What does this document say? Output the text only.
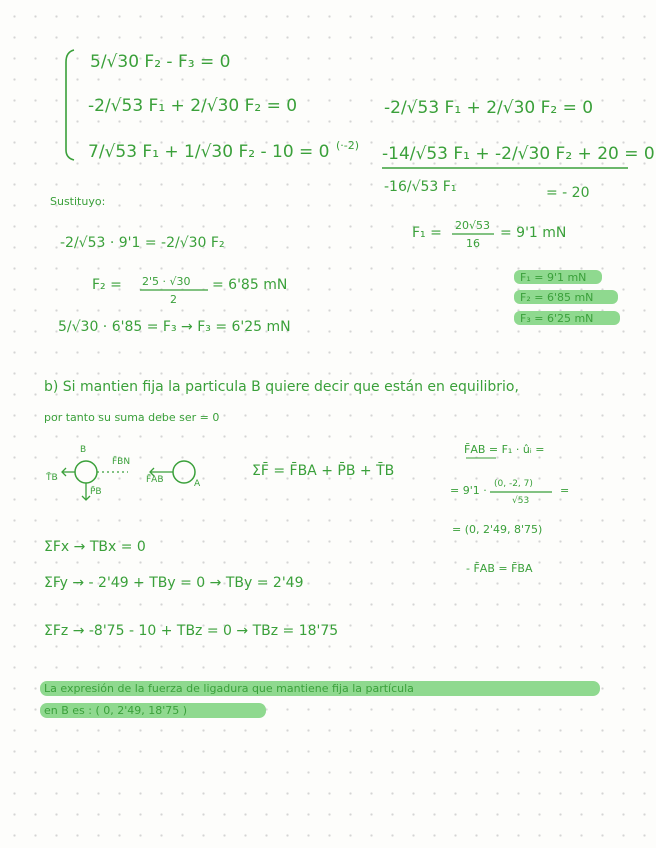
5/√30 F₂ - F₃ = 0
-2/√53 F₁ + 2/√30 F₂ = 0
7/√53 F₁ + 1/√30 F₂ - 10 = 0 (·-2)
-2/√53 F₁ + 2/√30 F₂ = 0
-14/√53 F₁ + -2/√30 F₂ + 20 = 0
-16/√53 F₁	= - 20
F₁ = 20√53
16
= 9'1 mN
Sustituyo:
-2/√53 · 9'1 = -2/√30 F₂
F₂ = 2'5 · √30
2
= 6'85 mN
5/√30 · 6'85 = F₃ → F₃ = 6'25 mN
F₁ = 9'1 mN
F₂ = 6'85 mN
F₃ = 6'25 mN
b) Si mantien fija la particula B quiere decir que están en equilibrio,
por tanto su suma debe ser = 0
B
T̄B
F̄BN
P̄B
F̄AB	A
ΣF̄ = F̄BA + P̄B + T̄B
F̄AB = F₁ · ûᵢ =
= 9'1 · (0, -2, 7)
√53
=
= (0, 2'49, 8'75)
- F̄AB = F̄BA
ΣFx → TBx = 0
ΣFy → - 2'49 + TBy = 0 → TBy = 2'49
ΣFz → -8'75 - 10 + TBz = 0 → TBz = 18'75
La expresión de la fuerza de ligadura que mantiene fija la partícula
en B es : ( 0, 2'49, 18'75 )
